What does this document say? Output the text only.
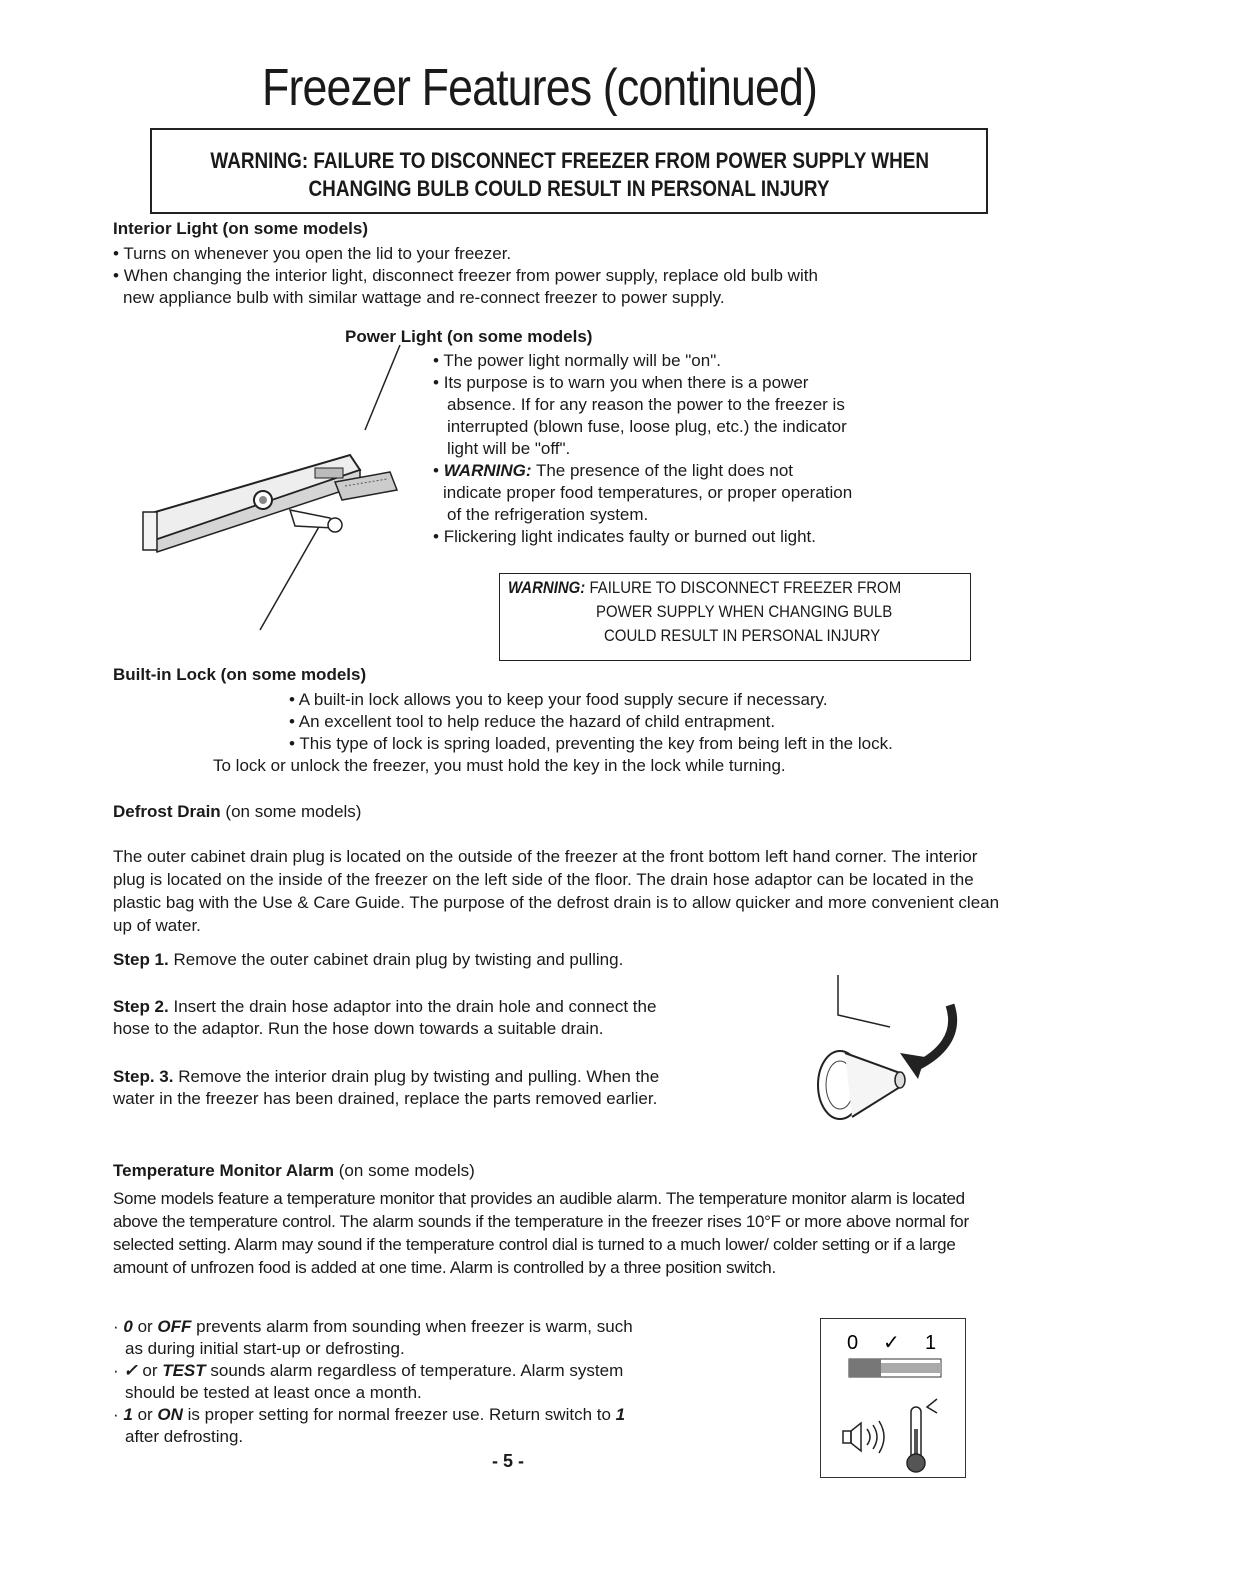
Freezer Features (continued)
WARNING: FAILURE TO DISCONNECT FREEZER FROM POWER SUPPLY WHEN
CHANGING BULB COULD RESULT IN PERSONAL INJURY
Interior Light (on some models)
• Turns on whenever you open the lid to your freezer.
• When changing the interior light, disconnect freezer from power supply, replace old bulb with
new appliance bulb with similar wattage and re-connect freezer to power supply.
Power Light (on some models)
• The power light normally will be "on".
• Its purpose is to warn you when there is a power
absence. If for any reason the power to the freezer is
interrupted (blown fuse, loose plug, etc.) the indicator
light will be "off".
• WARNING: The presence of the light does not
indicate proper food temperatures, or proper operation
of the refrigeration system.
• Flickering light indicates faulty or burned out light.
WARNING: FAILURE TO DISCONNECT FREEZER FROM
POWER SUPPLY WHEN CHANGING BULB
COULD RESULT IN PERSONAL INJURY
Built-in Lock (on some models)
• A built-in lock allows you to keep your food supply secure if necessary.
• An excellent tool to help reduce the hazard of child entrapment.
• This type of lock is spring loaded, preventing the key from being left in the lock.
To lock or unlock the freezer, you must hold the key in the lock while turning.
Defrost Drain (on some models)
The outer cabinet drain plug is located on the outside of the freezer at the front bottom left hand corner. The interior plug is located on the inside of the freezer on the left side of the floor. The drain hose adaptor can be located in the plastic bag with the Use & Care Guide. The purpose of the defrost drain is to allow quicker and more convenient clean up of water.
Step 1. Remove the outer cabinet drain plug by twisting and pulling.
Step 2. Insert the drain hose adaptor into the drain hole and connect the
hose to the adaptor. Run the hose down towards a suitable drain.
Step. 3. Remove the interior drain plug by twisting and pulling. When the
water in the freezer has been drained, replace the parts removed earlier.
Temperature Monitor Alarm (on some models)
Some models feature a temperature monitor that provides an audible alarm. The temperature monitor alarm is located above the temperature control. The alarm sounds if the temperature in the freezer rises 10°F or more above normal for selected setting. Alarm may sound if the temperature control dial is turned to a much lower/ colder setting or if a large amount of unfrozen food is added at one time. Alarm is controlled by a three position switch.
· 0 or OFF prevents alarm from sounding when freezer is warm, such
as during initial start-up or defrosting.
· ✓ or TEST sounds alarm regardless of temperature. Alarm system
should be tested at least once a month.
· 1 or ON is proper setting for normal freezer use. Return switch to 1
after defrosting.
0 ✓ 1
- 5 -
